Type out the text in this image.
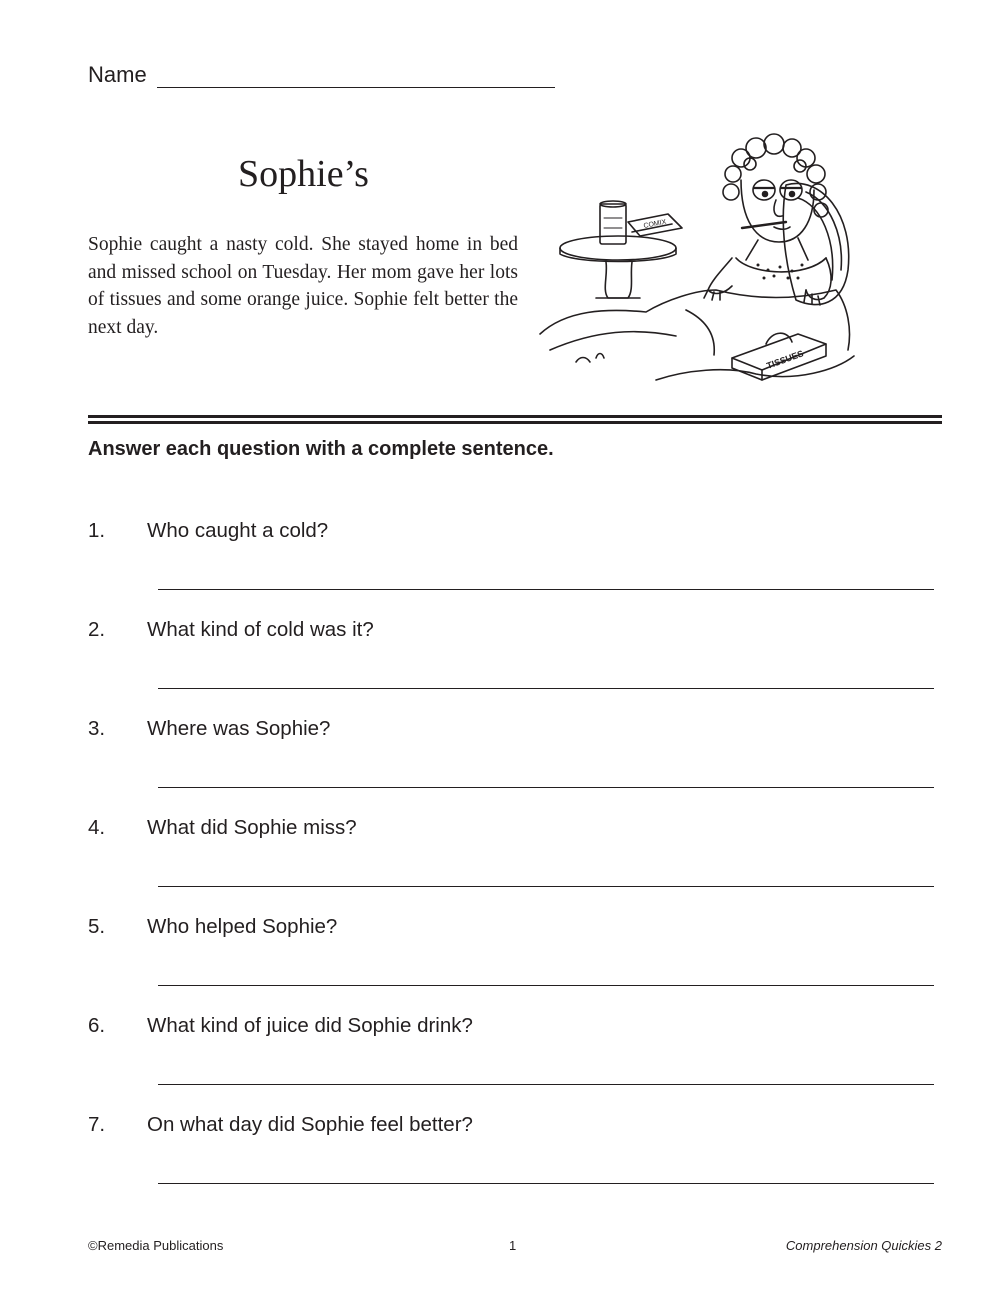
Name
Sophie’s

Sophie caught a nasty cold. She stayed home in bed and missed school on Tuesday. Her mom gave her lots of tissues and some orange juice. Sophie felt better the next day.

COMIX
TISSUES
Answer each question with a complete sentence.
1. Who caught a cold?
2. What kind of cold was it?
3. Where was Sophie?
4. What did Sophie miss?
5. Who helped Sophie?
6. What kind of juice did Sophie drink?
7. On what day did Sophie feel better?
©Remedia Publications	1	Comprehension Quickies 2
